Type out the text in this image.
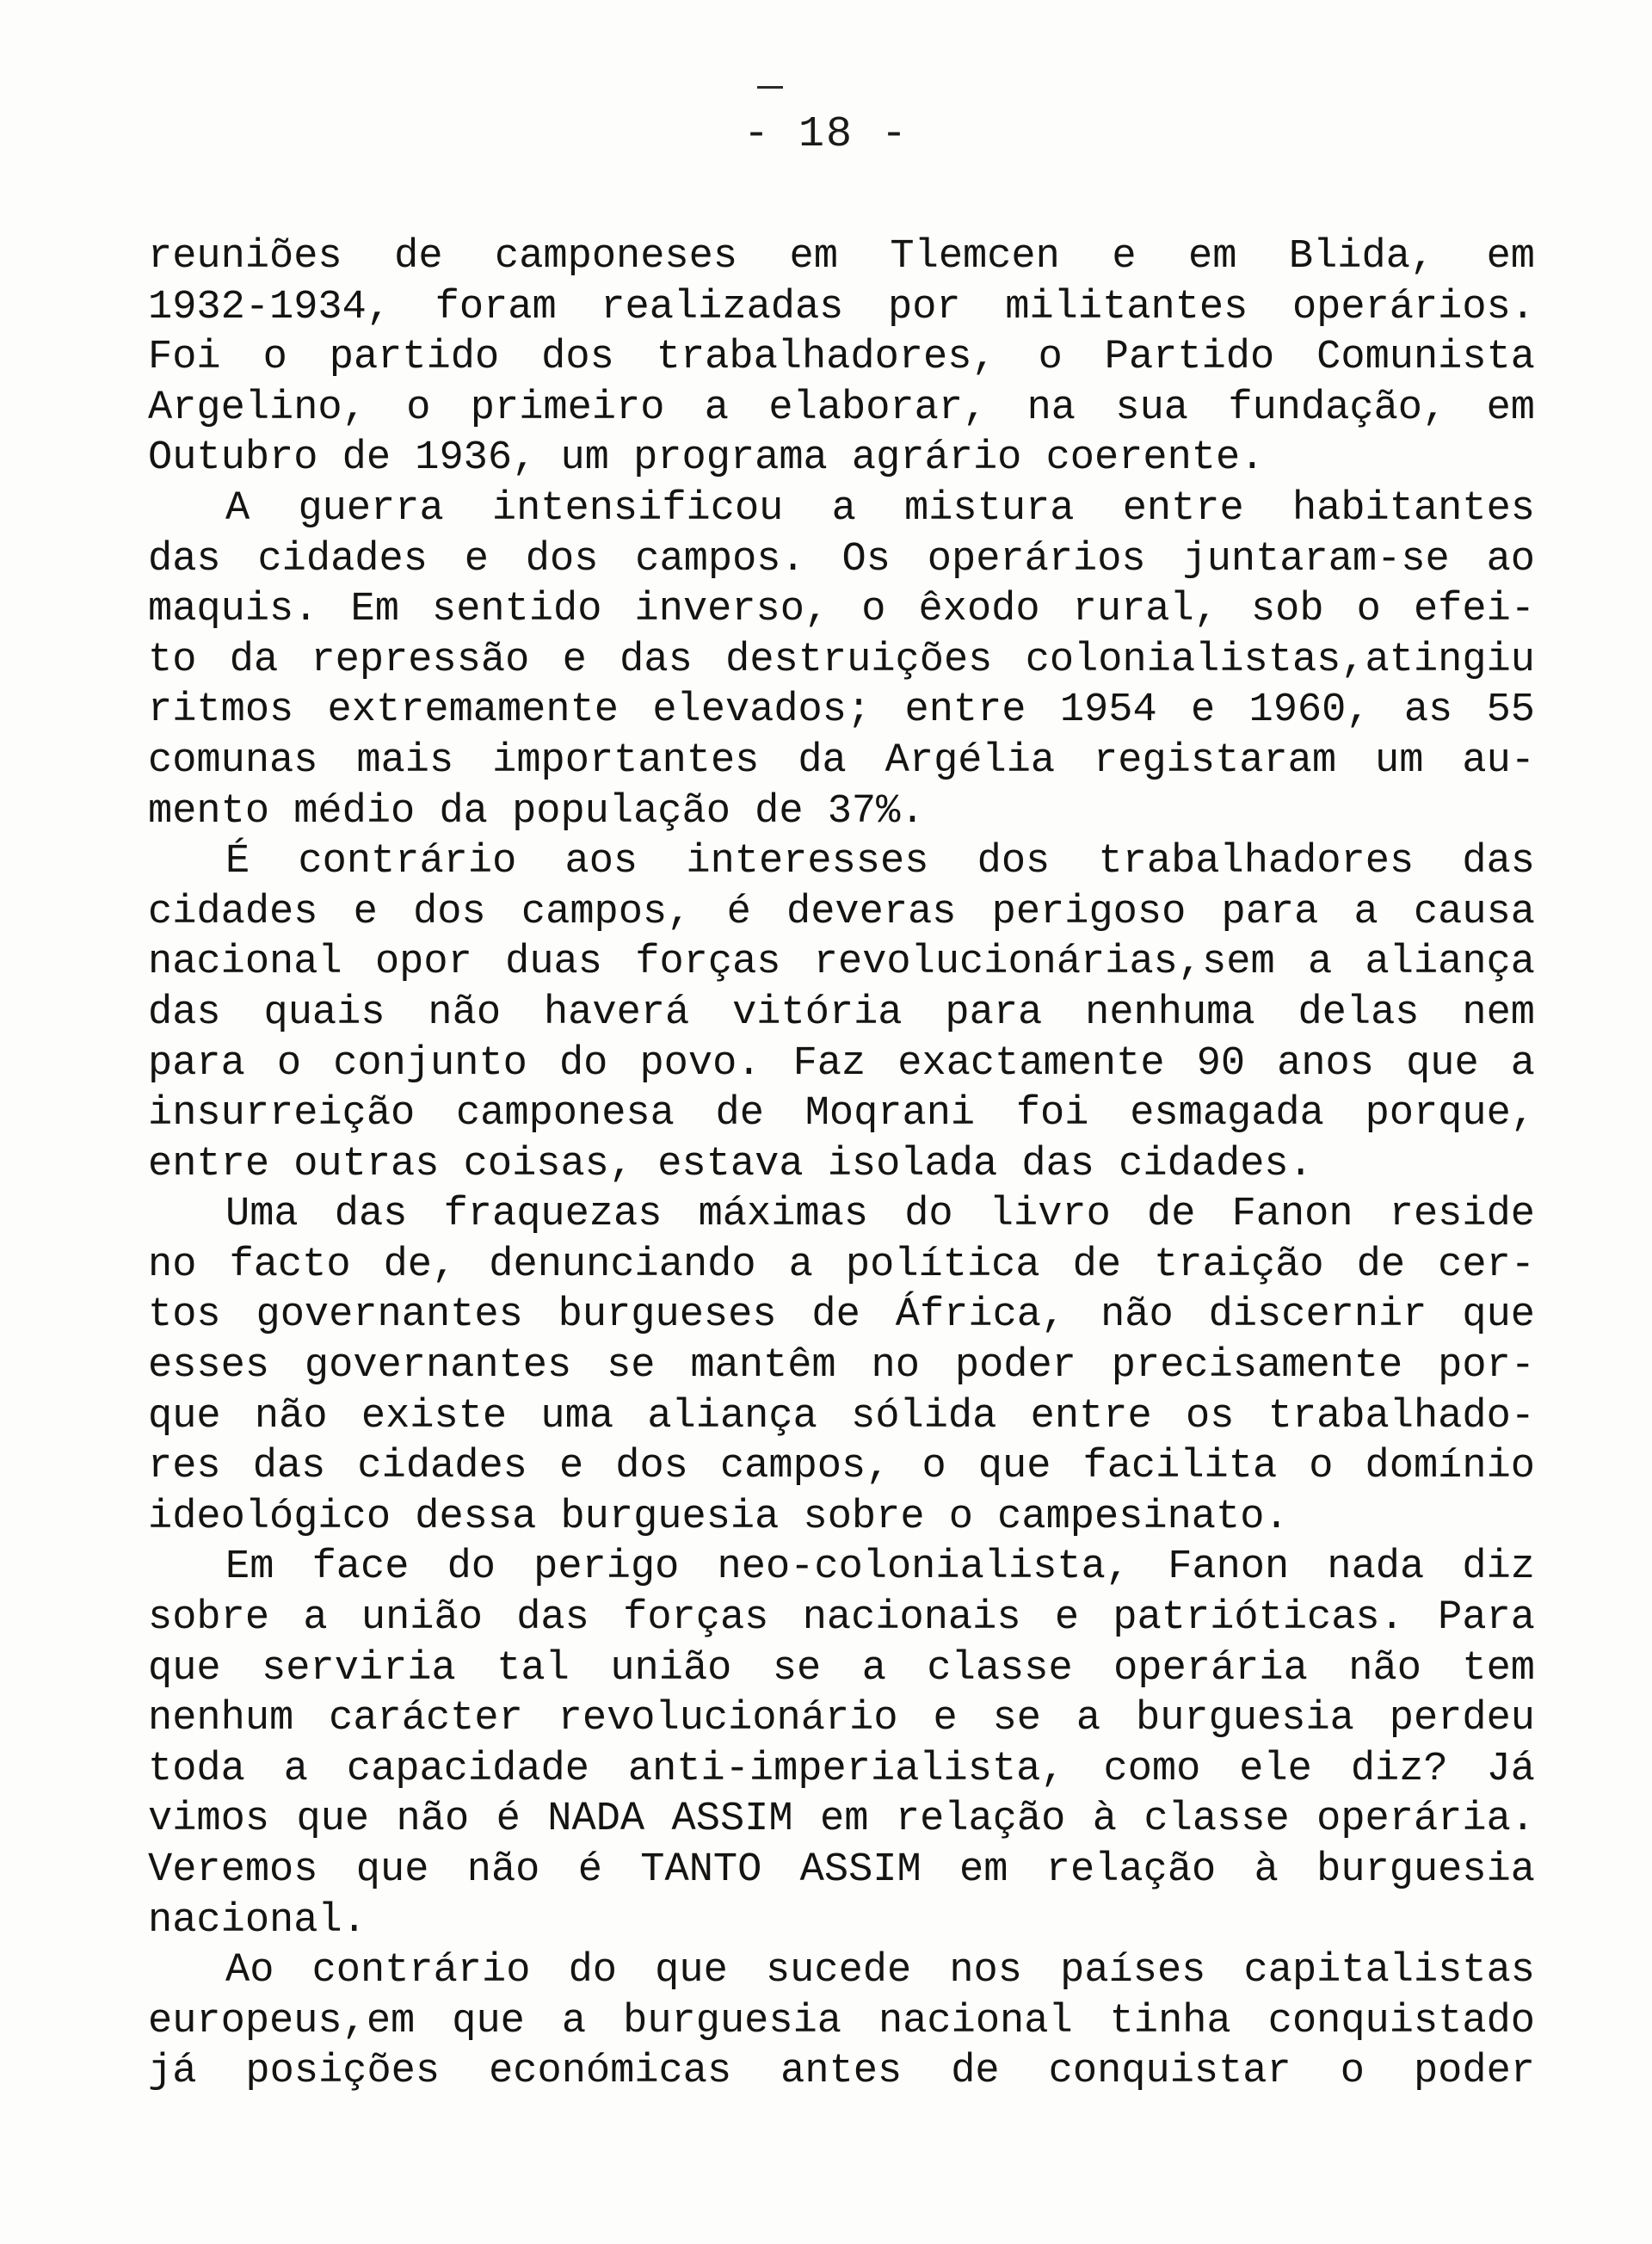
- 18 -
reuniões de camponeses em Tlemcen e em Blida, em
1932-1934, foram realizadas por militantes operários.
Foi o partido dos trabalhadores, o Partido Comunista
Argelino, o primeiro a elaborar, na sua fundação, em
Outubro de 1936, um programa agrário coerente.
A guerra intensificou a mistura entre habitantes
das cidades e dos campos. Os operários juntaram-se ao
maquis. Em sentido inverso, o êxodo rural, sob o efei-
to da repressão e das destruições colonialistas,atingiu
ritmos extremamente elevados; entre 1954 e 1960, as 55
comunas mais importantes da Argélia registaram um au-
mento médio da população de 37%.
É contrário aos interesses dos trabalhadores das
cidades e dos campos, é deveras perigoso para a causa
nacional opor duas forças revolucionárias,sem a aliança
das quais não haverá vitória para nenhuma delas nem
para o conjunto do povo. Faz exactamente 90 anos que a
insurreição camponesa de Moqrani foi esmagada porque,
entre outras coisas, estava isolada das cidades.
Uma das fraquezas máximas do livro de Fanon reside
no facto de, denunciando a política de traição de cer-
tos governantes burgueses de África, não discernir que
esses governantes se mantêm no poder precisamente por-
que não existe uma aliança sólida entre os trabalhado-
res das cidades e dos campos, o que facilita o domínio
ideológico dessa burguesia sobre o campesinato.
Em face do perigo neo-colonialista, Fanon nada diz
sobre a união das forças nacionais e patrióticas. Para
que serviria tal união se a classe operária não tem
nenhum carácter revolucionário e se a burguesia perdeu
toda a capacidade anti-imperialista, como ele diz? Já
vimos que não é NADA ASSIM em relação à classe operária.
Veremos que não é TANTO ASSIM em relação à burguesia
nacional.
Ao contrário do que sucede nos países capitalistas
europeus,em que a burguesia nacional tinha conquistado
já posições económicas antes de conquistar o poder
